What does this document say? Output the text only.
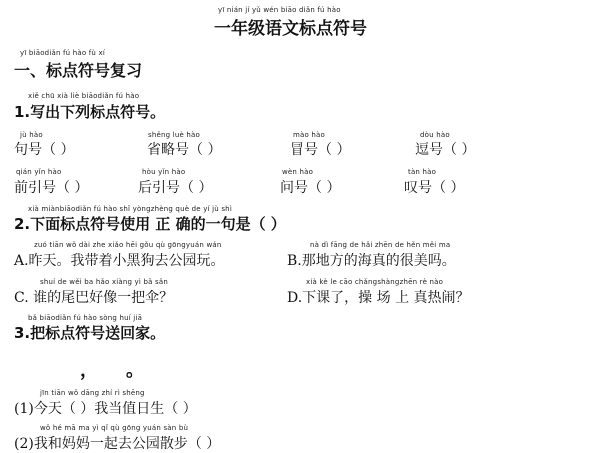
yī nián jí yǔ wén biāo diǎn fú hào
一年级语文标点符号
yī biāodiǎn fú hào fù xí
一、标点符号复习
xiě chū xià liè biāodiǎn fú hào
1.写出下列标点符号。
jù hào
句号（ ）
shěng luè hào
省略号（ ）
mào hào
冒号（ ）
dòu hào
逗号（ ）
qián yǐn hào
前引号（ ）
hòu yǐn hào
后引号（ ）
wèn hào
问号（ ）
tàn hào
叹号（ ）
xià miànbiāodiǎn fú hào shǐ yòngzhèng què de yí jù shì
2.下面标点符号使用 正 确的一句是（ ）
zuó tiān wǒ dài zhe xiǎo hēi gǒu qù gōngyuán wán
A.昨天。我带着小黑狗去公园玩。
nà dì fāng de hǎi zhēn de hěn měi ma
B.那地方的海真的很美吗。
shuí de wěi ba hǎo xiàng yì bǎ sǎn
C. 谁的尾巴好像一把伞？
xià kè le cāo chǎngshàngzhēn rè nào
D.下课了，操 场 上 真热闹？
bǎ biāodiǎn fú hào sòng huí jiā
3.把标点符号送回家。
， 。
jīn tiān wǒ dāng zhí rì shēng
(1)今天（ ）我当值日生（ ）
wǒ hé mā ma yì qǐ qù gōng yuán sàn bù
(2)我和妈妈一起去公园散步（ ）
